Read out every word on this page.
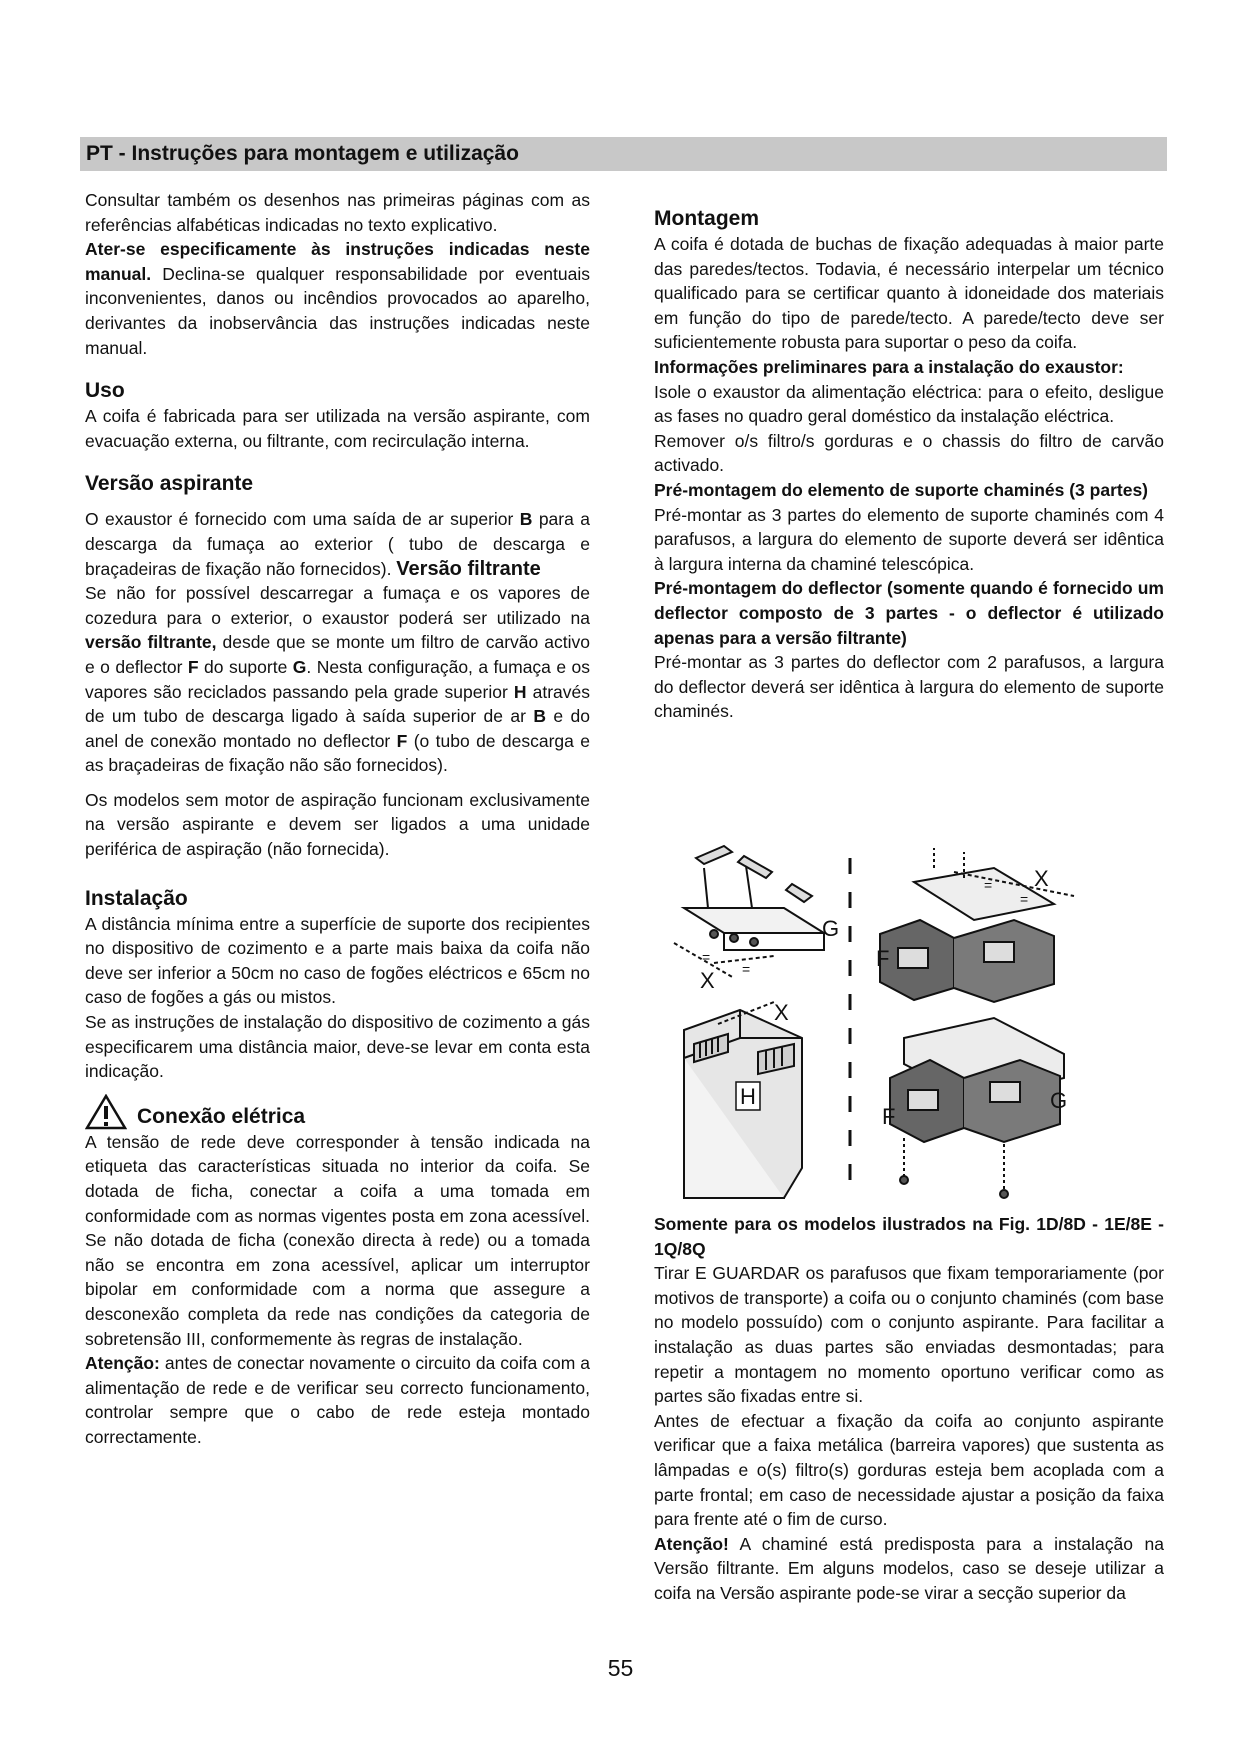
PT - Instruções para montagem e utilização

Consultar também os desenhos nas primeiras páginas com as referências alfabéticas indicadas no texto explicativo.

Ater-se especificamente às instruções indicadas neste manual. Declina-se qualquer responsabilidade por eventuais inconvenientes, danos ou incêndios provocados ao aparelho, derivantes da inobservância das instruções indicadas neste manual.

Uso

A coifa é fabricada para ser utilizada na versão aspirante, com evacuação externa, ou filtrante, com recirculação interna.

Versão aspirante

O exaustor é fornecido com uma saída de ar superior B para a descarga da fumaça ao exterior ( tubo de descarga e braçadeiras de fixação não fornecidos). Versão filtrante

Se não for possível descarregar a fumaça e os vapores de cozedura para o exterior, o exaustor poderá ser utilizado na versão filtrante, desde que se monte um filtro de carvão activo e o deflector F do suporte G. Nesta configuração, a fumaça e os vapores são reciclados passando pela grade superior H através de um tubo de descarga ligado à saída superior de ar B e do anel de conexão montado no deflector F (o tubo de descarga e as braçadeiras de fixação não são fornecidos).

Os modelos sem motor de aspiração funcionam exclusivamente na versão aspirante e devem ser ligados a uma unidade periférica de aspiração (não fornecida).

Instalação

A distância mínima entre a superfície de suporte dos recipientes no dispositivo de cozimento e a parte mais baixa da coifa não deve ser inferior a 50cm no caso de fogões eléctricos e 65cm no caso de fogões a gás ou mistos.

Se as instruções de instalação do dispositivo de cozimento a gás especificarem uma distância maior, deve-se levar em conta esta indicação.

Conexão elétrica

A tensão de rede deve corresponder à tensão indicada na etiqueta das características situada no interior da coifa. Se dotada de ficha, conectar a coifa a uma tomada em conformidade com as normas vigentes posta em zona acessível. Se não dotada de ficha (conexão directa à rede) ou a tomada não se encontra em zona acessível, aplicar um interruptor bipolar em conformidade com a norma que assegure a desconexão completa da rede nas condições da categoria de sobretensão III, conformemente às regras de instalação.

Atenção: antes de conectar novamente o circuito da coifa com a alimentação de rede e de verificar seu correcto funcionamento, controlar sempre que o cabo de rede esteja montado correctamente.

Montagem

A coifa é dotada de buchas de fixação adequadas à maior parte das paredes/tectos. Todavia, é necessário interpelar um técnico qualificado para se certificar quanto à idoneidade dos materiais em função do tipo de parede/tecto. A parede/tecto deve ser suficientemente robusta para suportar o peso da coifa.

Informações preliminares para a instalação do exaustor:

Isole o exaustor da alimentação eléctrica: para o efeito, desligue as fases no quadro geral doméstico da instalação eléctrica.

Remover o/s filtro/s gorduras e o chassis do filtro de carvão activado.

Pré-montagem do elemento de suporte chaminés (3 partes)

Pré-montar as 3 partes do elemento de suporte chaminés com 4 parafusos, a largura do elemento de suporte deverá ser idêntica à largura interna da chaminé telescópica.

Pré-montagem do deflector (somente quando é fornecido um deflector composto de 3 partes - o deflector é utilizado apenas para a versão filtrante)

Pré-montar as 3 partes do deflector com 2 parafusos, a largura do deflector deverá ser idêntica à largura do elemento de suporte chaminés.

=
=
X
G
X
H
F
X
=
=
F
G

Somente para os modelos ilustrados na Fig. 1D/8D - 1E/8E - 1Q/8Q

Tirar E GUARDAR os parafusos que fixam temporariamente (por motivos de transporte) a coifa ou o conjunto chaminés (com base no modelo possuído) com o conjunto aspirante. Para facilitar a instalação as duas partes são enviadas desmontadas; para repetir a montagem no momento oportuno verificar como as partes são fixadas entre si.

Antes de efectuar a fixação da coifa ao conjunto aspirante verificar que a faixa metálica (barreira vapores) que sustenta as lâmpadas e o(s) filtro(s) gorduras esteja bem acoplada com a parte frontal; em caso de necessidade ajustar a posição da faixa para frente até o fim de curso.

Atenção! A chaminé está predisposta para a instalação na Versão filtrante. Em alguns modelos, caso se deseje utilizar a coifa na Versão aspirante pode-se virar a secção superior da

55
